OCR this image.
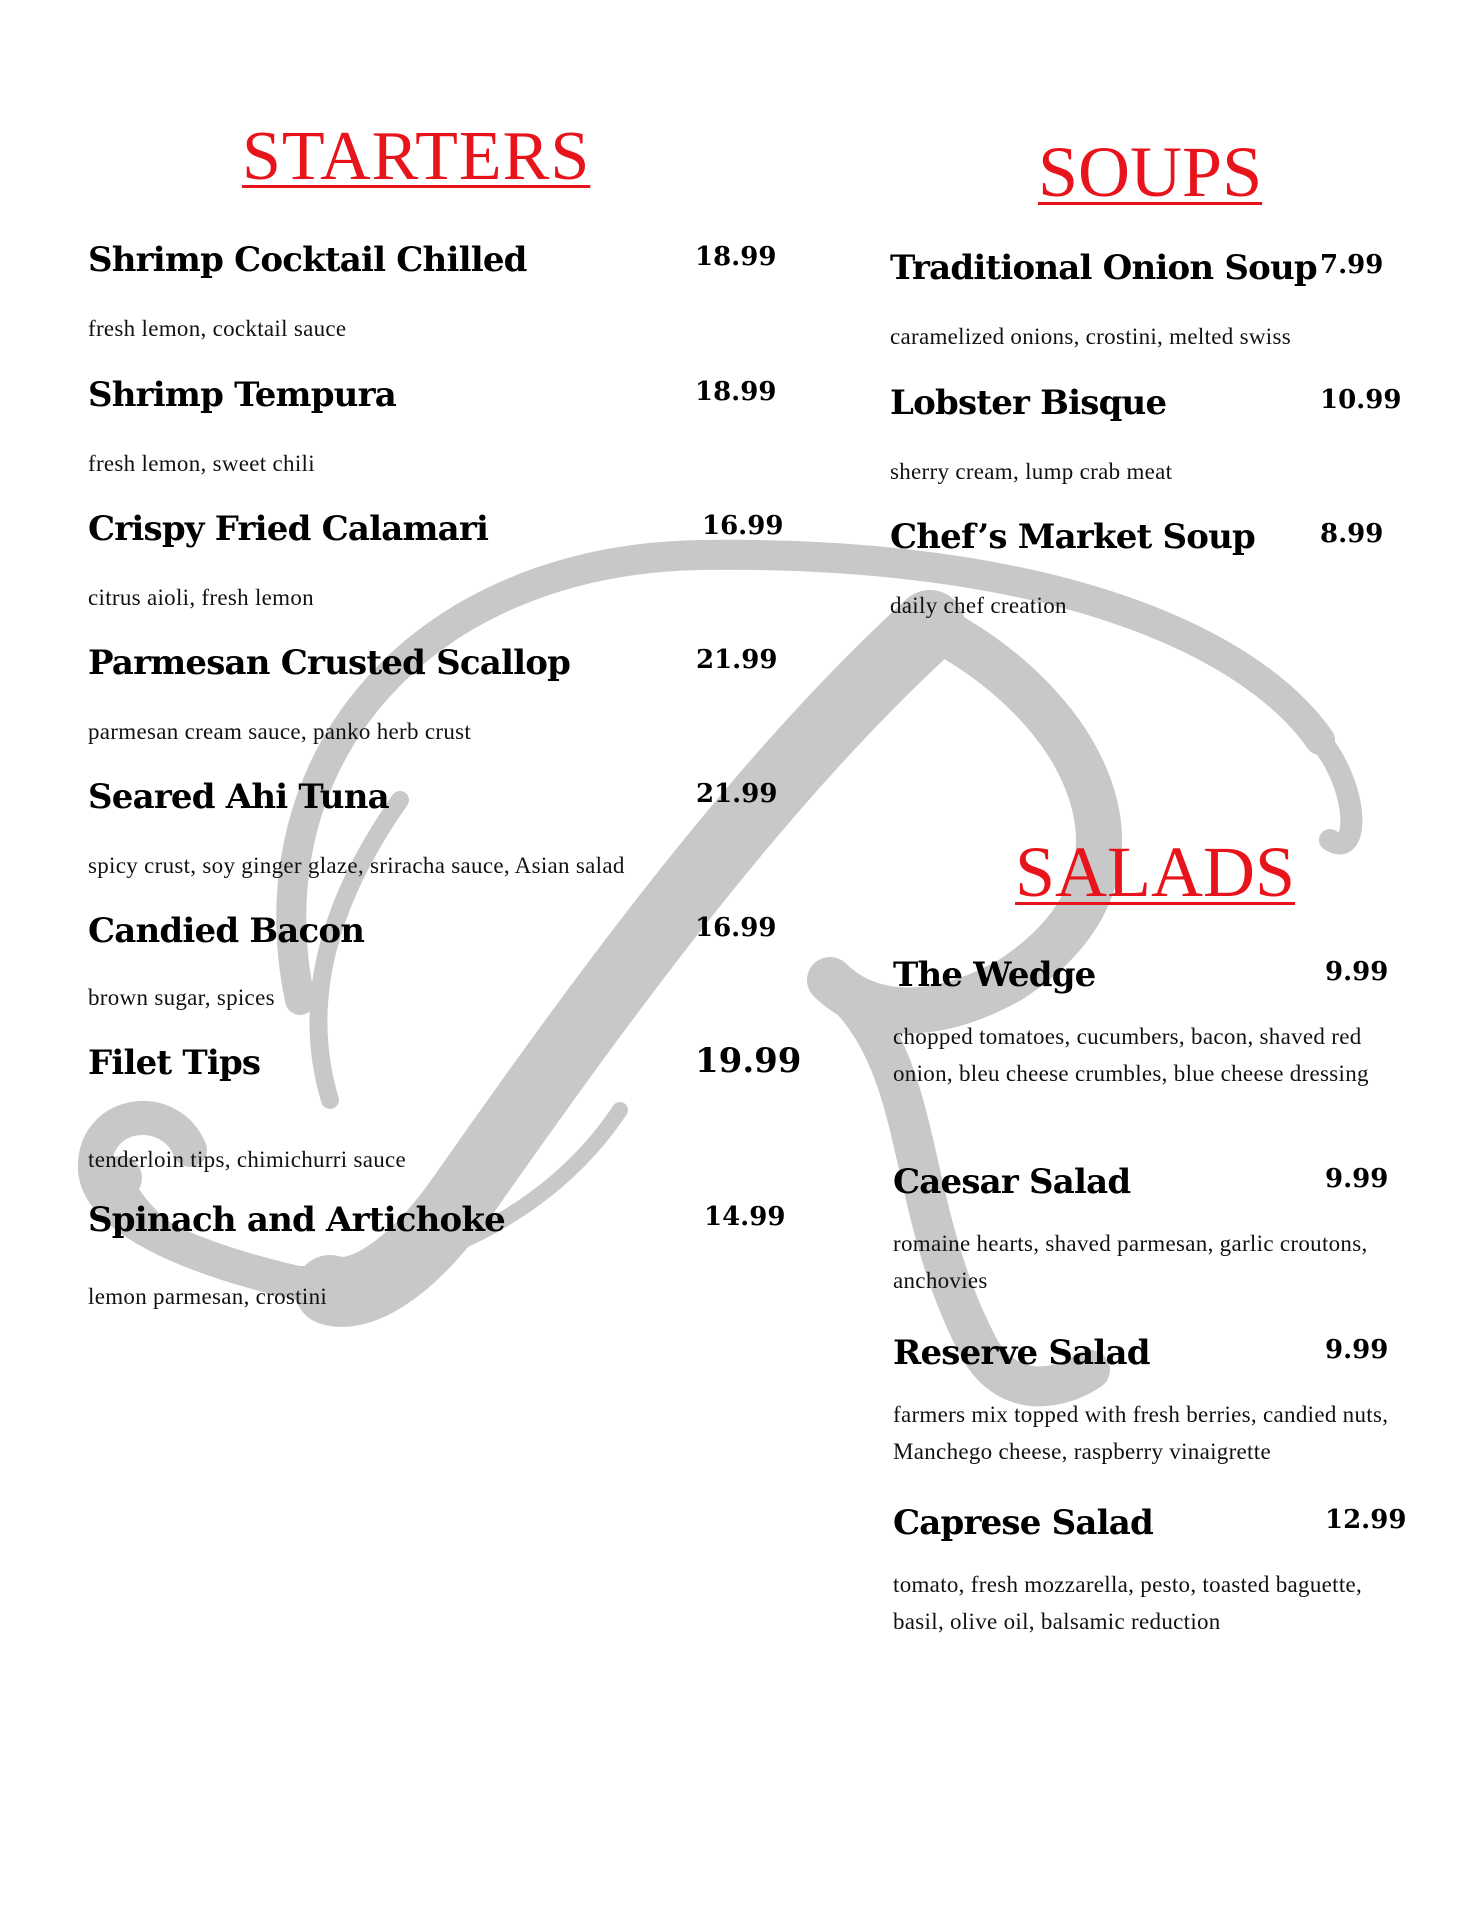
STARTERS
Shrimp Cocktail Chilled	18.99
fresh lemon, cocktail sauce
Shrimp Tempura	18.99
fresh lemon, sweet chili
Crispy Fried Calamari	16.99
citrus aioli, fresh lemon
Parmesan Crusted Scallop	21.99
parmesan cream sauce, panko herb crust
Seared Ahi Tuna	21.99
spicy crust, soy ginger glaze, sriracha sauce, Asian salad
Candied Bacon	16.99
brown sugar, spices
Filet Tips	19.99
tenderloin tips, chimichurri sauce
Spinach and Artichoke	14.99
lemon parmesan, crostini
SOUPS
Traditional Onion Soup 7.99
caramelized onions, crostini, melted swiss
Lobster Bisque	10.99
sherry cream, lump crab meat
Chef’s Market Soup	8.99
daily chef creation
SALADS
The Wedge	9.99
chopped tomatoes, cucumbers, bacon, shaved red onion, bleu cheese crumbles, blue cheese dressing
Caesar Salad	9.99
romaine hearts, shaved parmesan, garlic croutons, anchovies
Reserve Salad	9.99
farmers mix topped with fresh berries, candied nuts, Manchego cheese, raspberry vinaigrette
Caprese Salad	12.99
tomato, fresh mozzarella, pesto, toasted baguette, basil, olive oil, balsamic reduction
